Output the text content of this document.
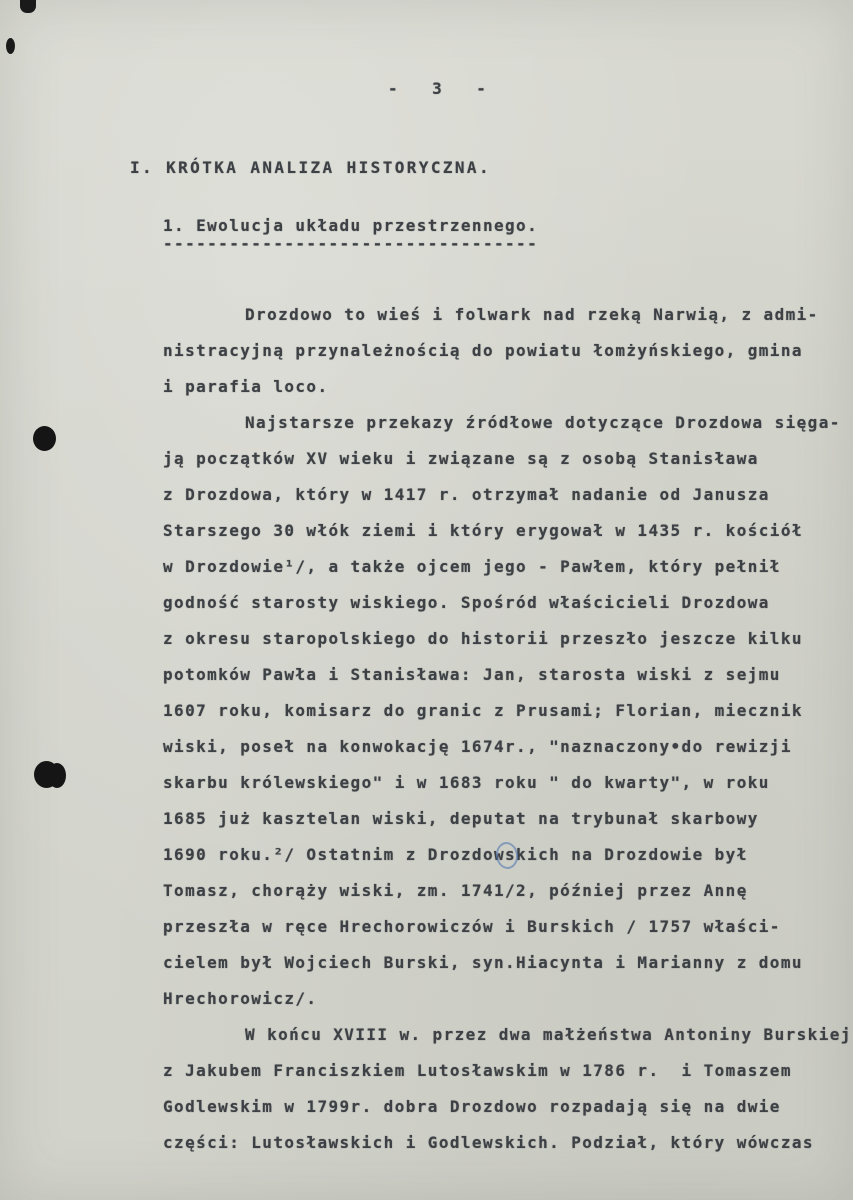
-   3   -
I. KRÓTKA ANALIZA HISTORYCZNA.
1. Ewolucja układu przestrzennego.
----------------------------------
Drozdowo to wieś i folwark nad rzeką Narwią, z admi-
nistracyjną przynależnością do powiatu łomżyńskiego, gmina
i parafia loco.
Najstarsze przekazy źródłowe dotyczące Drozdowa sięga-
ją początków XV wieku i związane są z osobą Stanisława
z Drozdowa, który w 1417 r. otrzymał nadanie od Janusza
Starszego 30 włók ziemi i który erygował w 1435 r. kościół
w Drozdowie¹/, a także ojcem jego - Pawłem, który pełnił
godność starosty wiskiego. Spośród właścicieli Drozdowa
z okresu staropolskiego do historii przeszło jeszcze kilku
potomków Pawła i Stanisława: Jan, starosta wiski z sejmu
1607 roku, komisarz do granic z Prusami; Florian, miecznik
wiski, poseł na konwokację 1674r., "naznaczony•do rewizji
skarbu królewskiego" i w 1683 roku " do kwarty", w roku
1685 już kasztelan wiski, deputat na trybunał skarbowy
1690 roku.²/ Ostatnim z Drozdowskich na Drozdowie był
Tomasz, chorąży wiski, zm. 1741/2, później przez Annę
przeszła w ręce Hrechorowiczów i Burskich / 1757 właści-
cielem był Wojciech Burski, syn.Hiacynta i Marianny z domu
Hrechorowicz/.
W końcu XVIII w. przez dwa małżeństwa Antoniny Burskiej
z Jakubem Franciszkiem Lutosławskim w 1786 r.  i Tomaszem
Godlewskim w 1799r. dobra Drozdowo rozpadają się na dwie
części: Lutosławskich i Godlewskich. Podział, który wówczas
